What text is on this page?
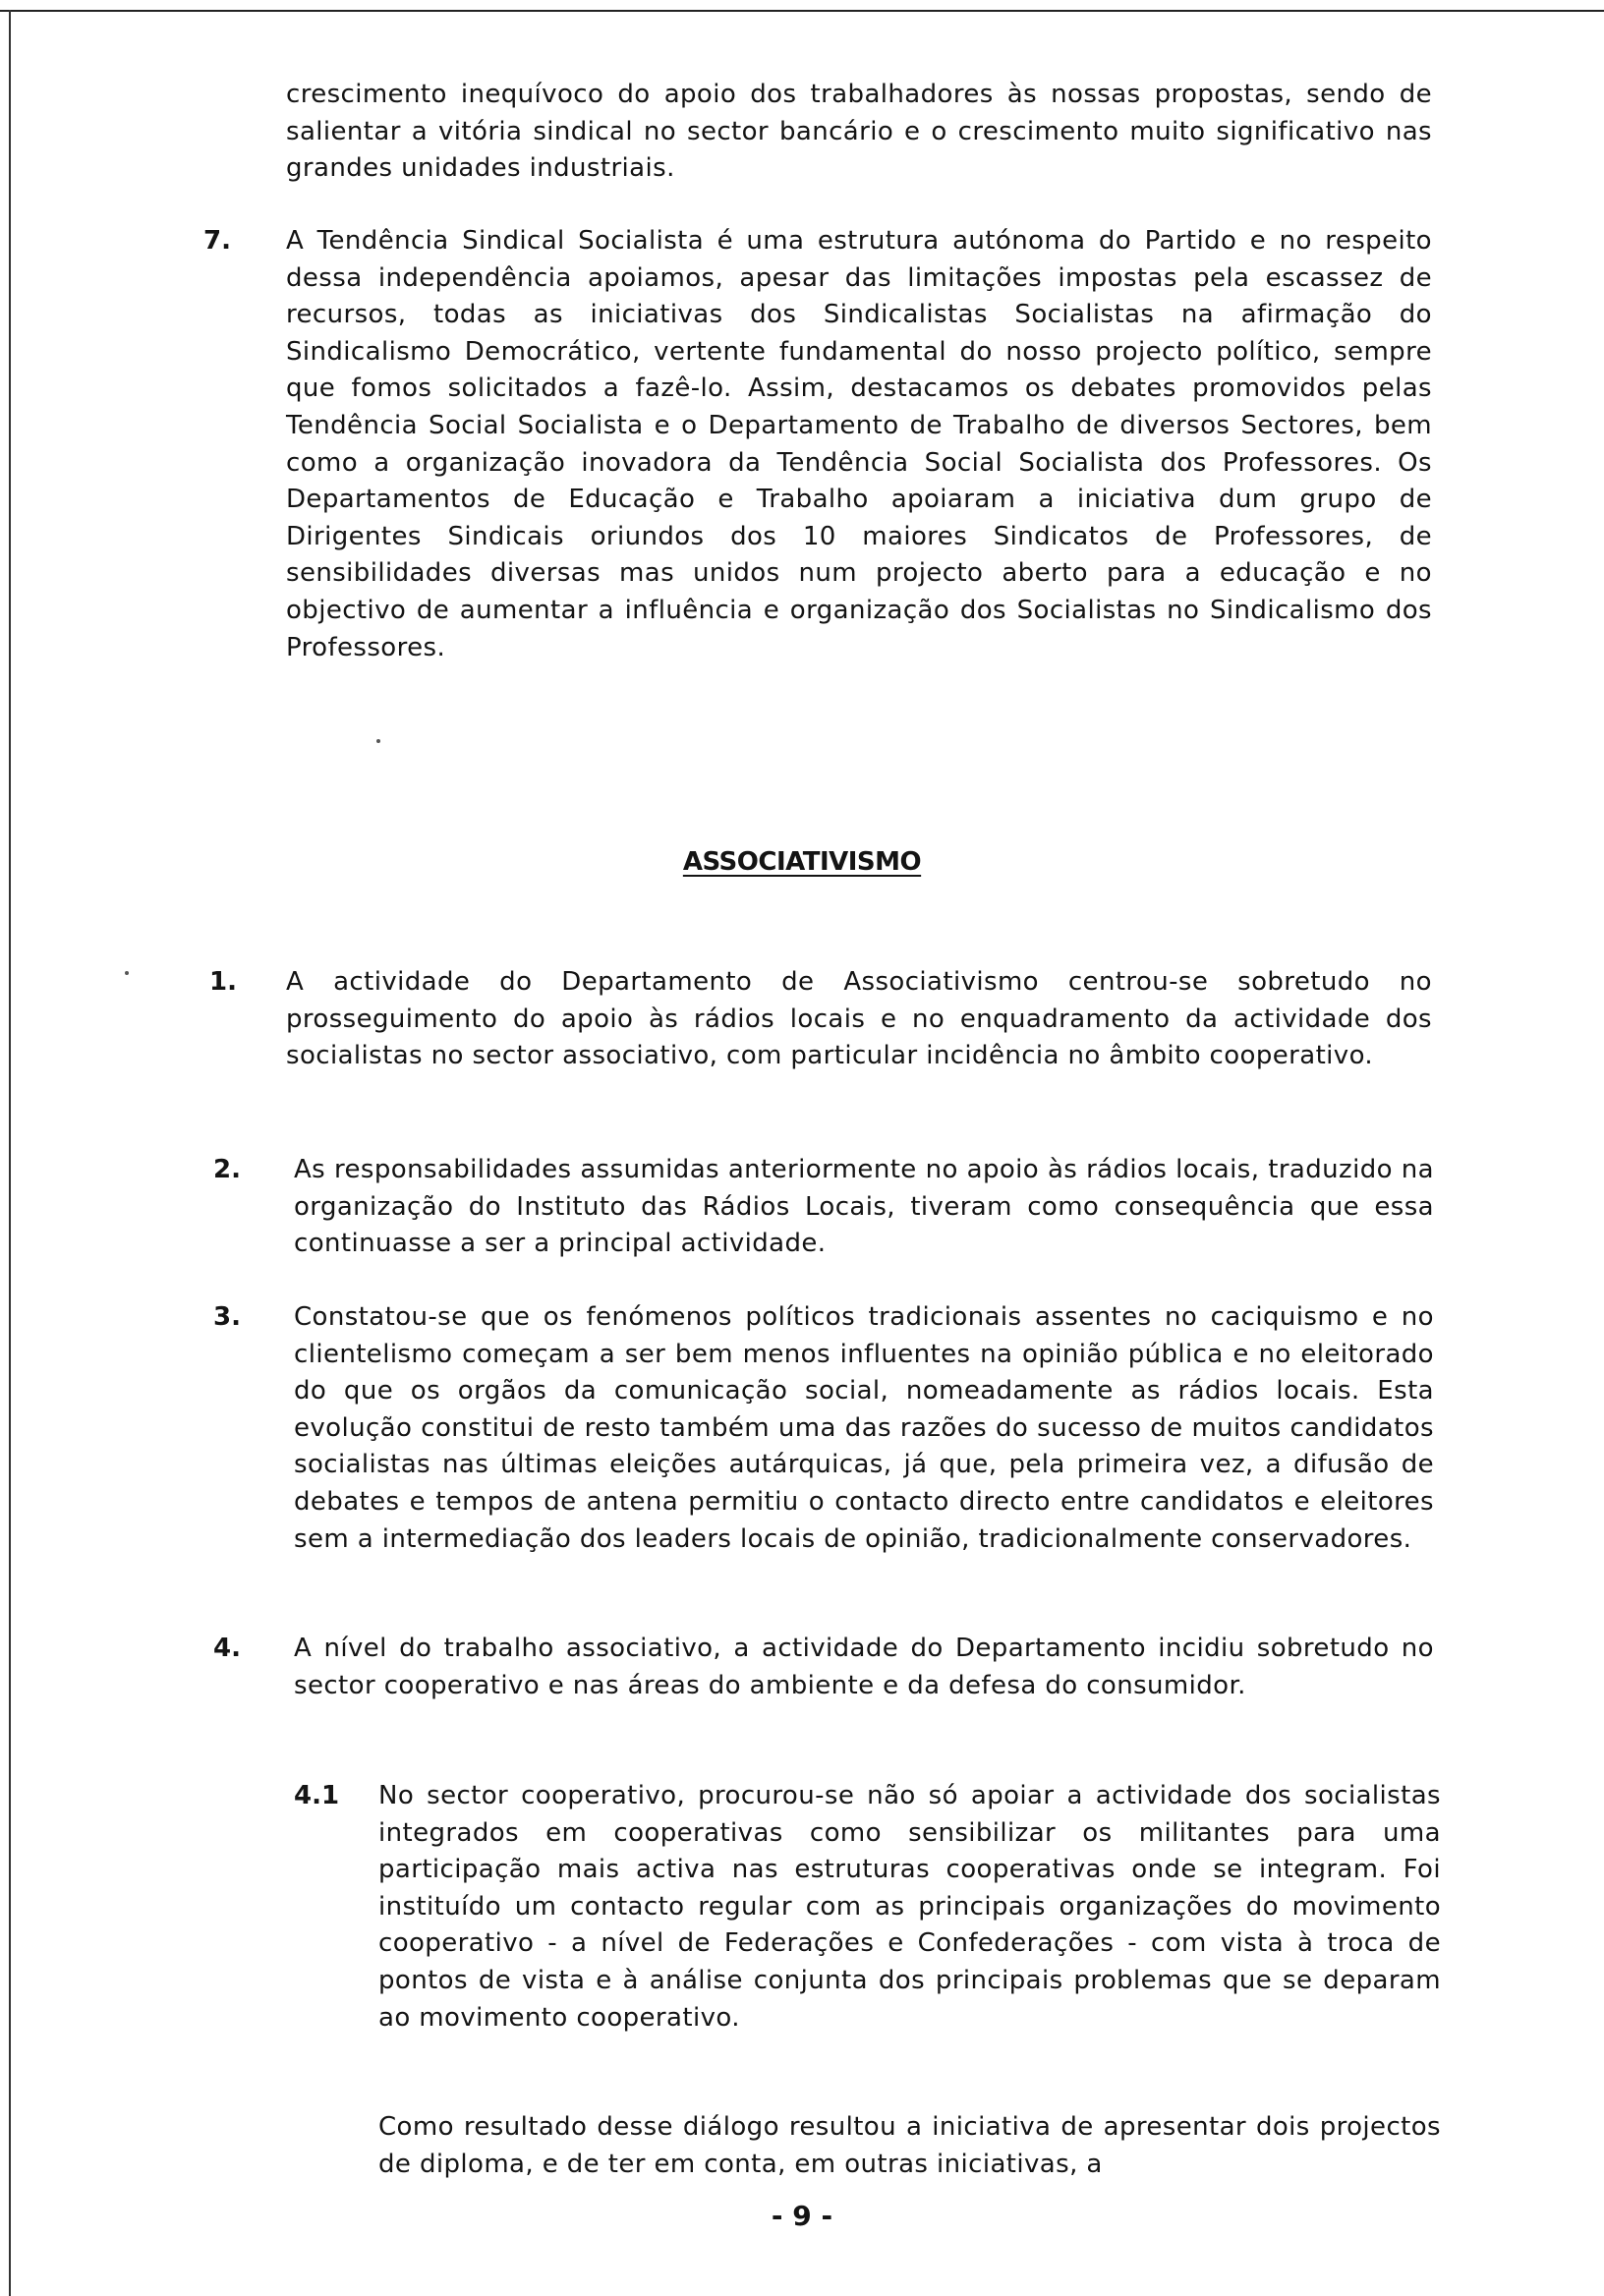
crescimento inequívoco do apoio dos trabalhadores às nossas propostas, sendo de salientar a vitória sindical no sector bancário e o crescimento muito significativo nas grandes unidades industriais.

7. A Tendência Sindical Socialista é uma estrutura autónoma do Partido e no respeito dessa independência apoiamos, apesar das limitações impostas pela escassez de recursos, todas as iniciativas dos Sindicalistas Socialistas na afirmação do Sindicalismo Democrático, vertente fundamental do nosso projecto político, sempre que fomos solicitados a fazê-lo. Assim, destacamos os debates promovidos pelas Tendência Social Socialista e o Departamento de Trabalho de diversos Sectores, bem como a organização inovadora da Tendência Social Socialista dos Professores. Os Departamentos de Educação e Trabalho apoiaram a iniciativa dum grupo de Dirigentes Sindicais oriundos dos 10 maiores Sindicatos de Professores, de sensibilidades diversas mas unidos num projecto aberto para a educação e no objectivo de aumentar a influência e organização dos Socialistas no Sindicalismo dos Professores.

ASSOCIATIVISMO
1. A actividade do Departamento de Associativismo centrou-se sobretudo no prosseguimento do apoio às rádios locais e no enquadramento da actividade dos socialistas no sector associativo, com particular incidência no âmbito cooperativo.

2. As responsabilidades assumidas anteriormente no apoio às rádios locais, traduzido na organização do Instituto das Rádios Locais, tiveram como consequência que essa continuasse a ser a principal actividade.

3. Constatou-se que os fenómenos políticos tradicionais assentes no caciquismo e no clientelismo começam a ser bem menos influentes na opinião pública e no eleitorado do que os orgãos da comunicação social, nomeadamente as rádios locais. Esta evolução constitui de resto também uma das razões do sucesso de muitos candidatos socialistas nas últimas eleições autárquicas, já que, pela primeira vez, a difusão de debates e tempos de antena permitiu o contacto directo entre candidatos e eleitores sem a intermediação dos leaders locais de opinião, tradicionalmente conservadores.

4. A nível do trabalho associativo, a actividade do Departamento incidiu sobretudo no sector cooperativo e nas áreas do ambiente e da defesa do consumidor.

4.1 No sector cooperativo, procurou-se não só apoiar a actividade dos socialistas integrados em cooperativas como sensibilizar os militantes para uma participação mais activa nas estruturas cooperativas onde se integram. Foi instituído um contacto regular com as principais organizações do movimento cooperativo - a nível de Federações e Confederações - com vista à troca de pontos de vista e à análise conjunta dos principais problemas que se deparam ao movimento cooperativo.

Como resultado desse diálogo resultou a iniciativa de apresentar dois projectos de diploma, e de ter em conta, em outras iniciativas, a

- 9 -
